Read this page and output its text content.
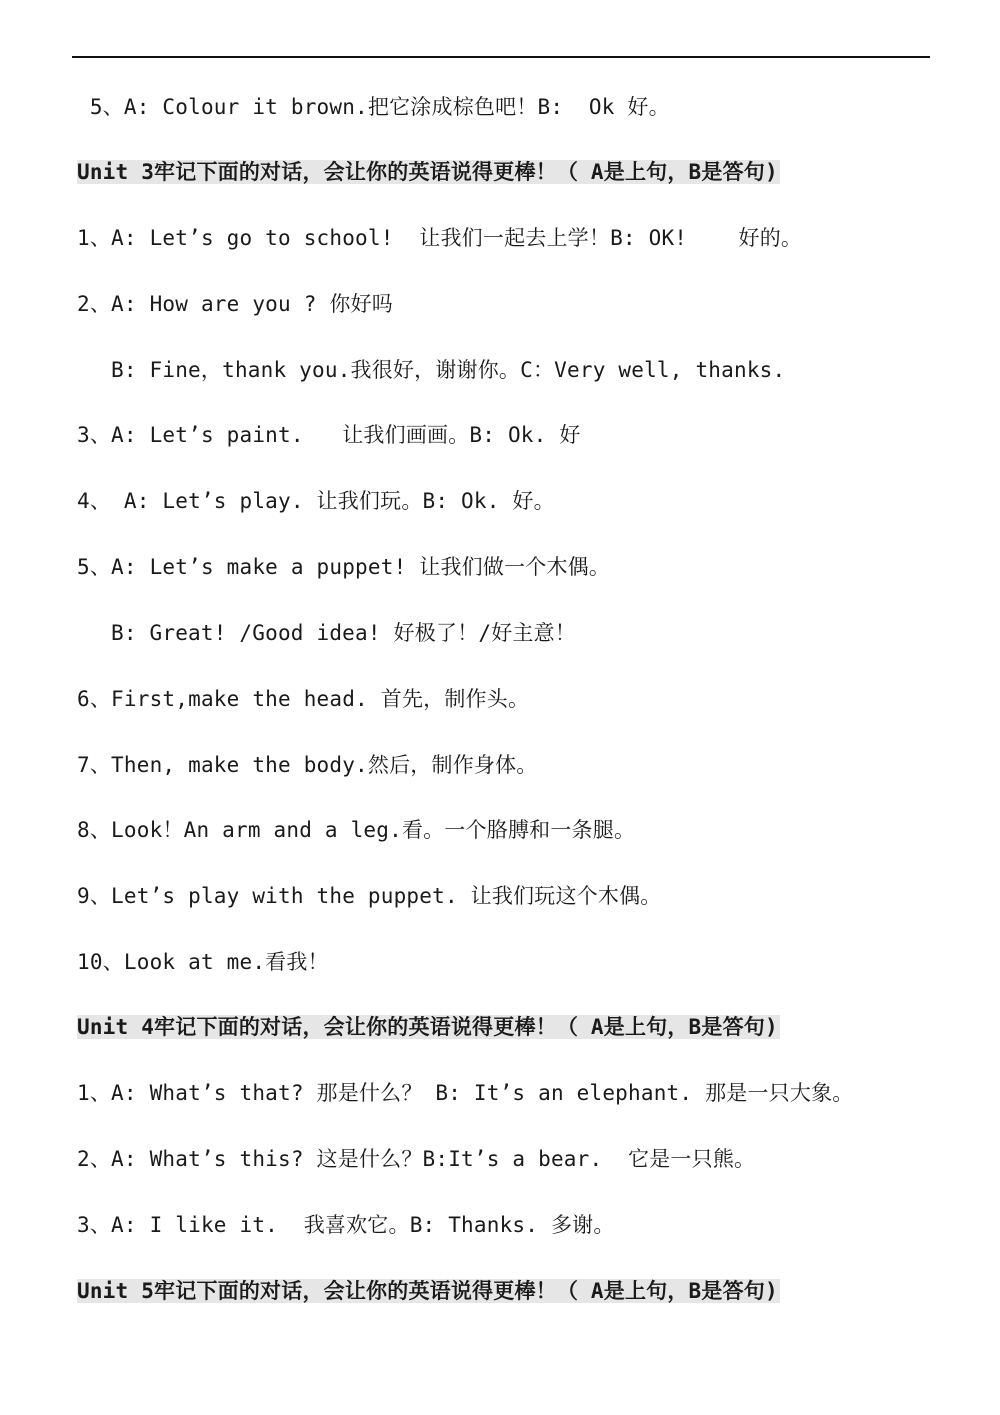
5、A: Colour it brown.把它涂成棕色吧！B:  Ok 好。
Unit 3牢记下面的对话，会让你的英语说得更棒！（ A是上句，B是答句)
1、A: Let’s go to school!  让我们一起去上学！B: OK!    好的。
2、A: How are you ? 你好吗
B: Fine，thank you.我很好，谢谢你。C：Very well, thanks.
3、A: Let’s paint.   让我们画画。B: Ok. 好
4、 A: Let’s play. 让我们玩。B: Ok. 好。
5、A: Let’s make a puppet! 让我们做一个木偶。
B: Great! /Good idea! 好极了！/好主意！
6、First,make the head. 首先，制作头。
7、Then, make the body.然后，制作身体。
8、Look！An arm and a leg.看。一个胳膊和一条腿。
9、Let’s play with the puppet. 让我们玩这个木偶。
10、Look at me.看我！
Unit 4牢记下面的对话，会让你的英语说得更棒！（ A是上句，B是答句)
1、A: What’s that? 那是什么？ B: It’s an elephant. 那是一只大象。
2、A: What’s this? 这是什么？B:It’s a bear.  它是一只熊。
3、A: I like it.  我喜欢它。B: Thanks. 多谢。
Unit 5牢记下面的对话，会让你的英语说得更棒！（ A是上句，B是答句)
